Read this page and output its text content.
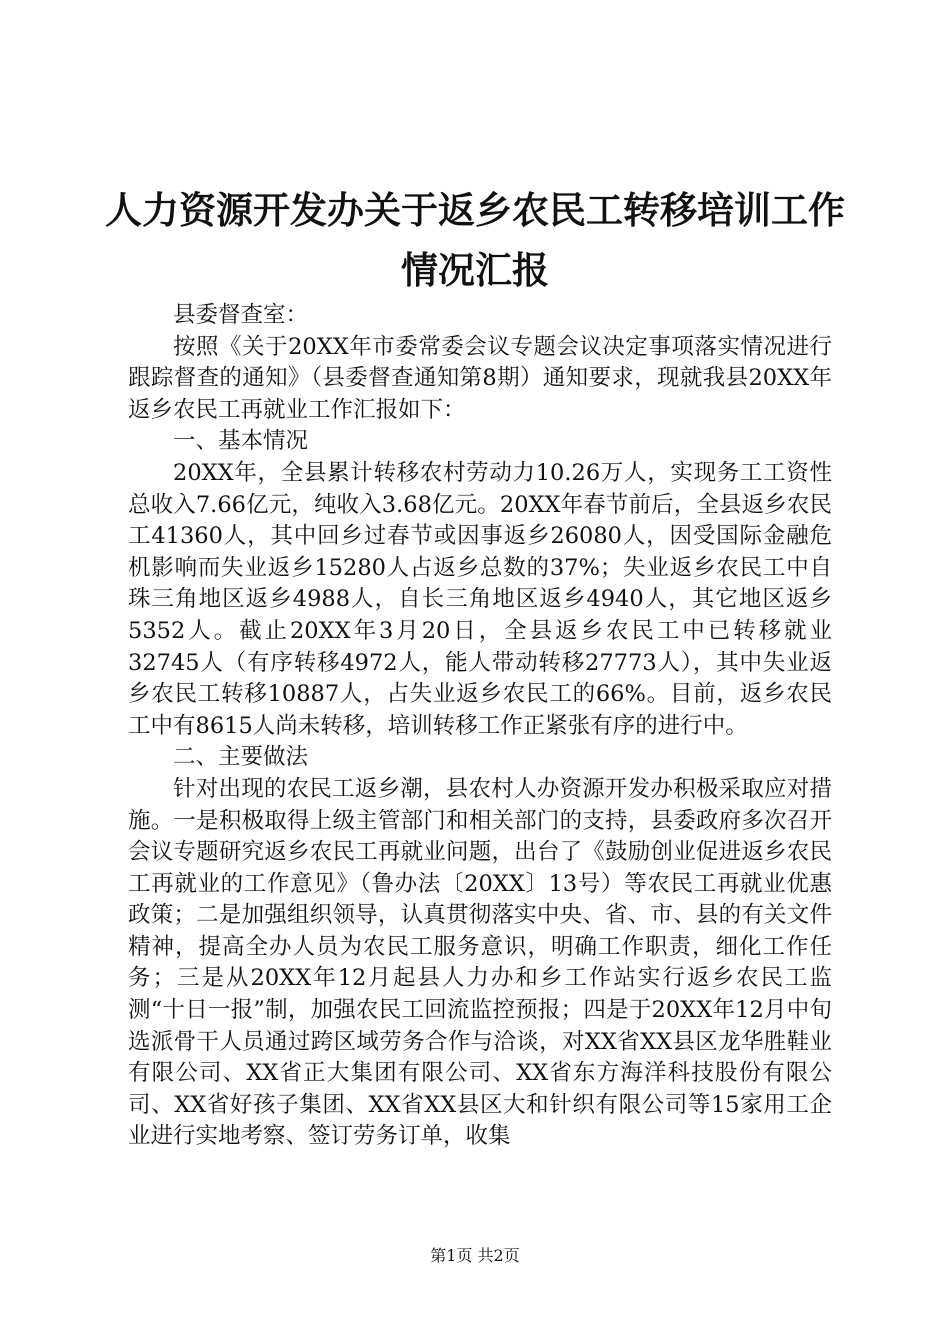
人力资源开发办关于返乡农民工转移培训工作
情况汇报

县委督查室：

按照《关于20XX年市委常委会议专题会议决定事项落实情况进行跟踪督查的通知》（县委督查通知第8期）通知要求，现就我县20XX年返乡农民工再就业工作汇报如下：

一、基本情况

20XX年，全县累计转移农村劳动力10.26万人，实现务工工资性总收入7.66亿元，纯收入3.68亿元。20XX年春节前后，全县返乡农民工41360人，其中回乡过春节或因事返乡26080人，因受国际金融危机影响而失业返乡15280人占返乡总数的37%；失业返乡农民工中自珠三角地区返乡4988人，自长三角地区返乡4940人，其它地区返乡5352人。截止20XX年3月20日，全县返乡农民工中已转移就业32745人（有序转移4972人，能人带动转移27773人），其中失业返乡农民工转移10887人，占失业返乡农民工的66%。目前，返乡农民工中有8615人尚未转移，培训转移工作正紧张有序的进行中。

二、主要做法

针对出现的农民工返乡潮，县农村人办资源开发办积极采取应对措施。一是积极取得上级主管部门和相关部门的支持，县委政府多次召开会议专题研究返乡农民工再就业问题，出台了《鼓励创业促进返乡农民工再就业的工作意见》（鲁办法〔20XX〕13号）等农民工再就业优惠政策；二是加强组织领导，认真贯彻落实中央、省、市、县的有关文件精神，提高全办人员为农民工服务意识，明确工作职责，细化工作任务；三是从20XX年12月起县人力办和乡工作站实行返乡农民工监测“十日一报”制，加强农民工回流监控预报；四是于20XX年12月中旬选派骨干人员通过跨区域劳务合作与洽谈，对XX省XX县区龙华胜鞋业有限公司、XX省正大集团有限公司、XX省东方海洋科技股份有限公司、XX省好孩子集团、XX省XX县区大和针织有限公司等15家用工企业进行实地考察、签订劳务订单，收集

第1页 共2页
